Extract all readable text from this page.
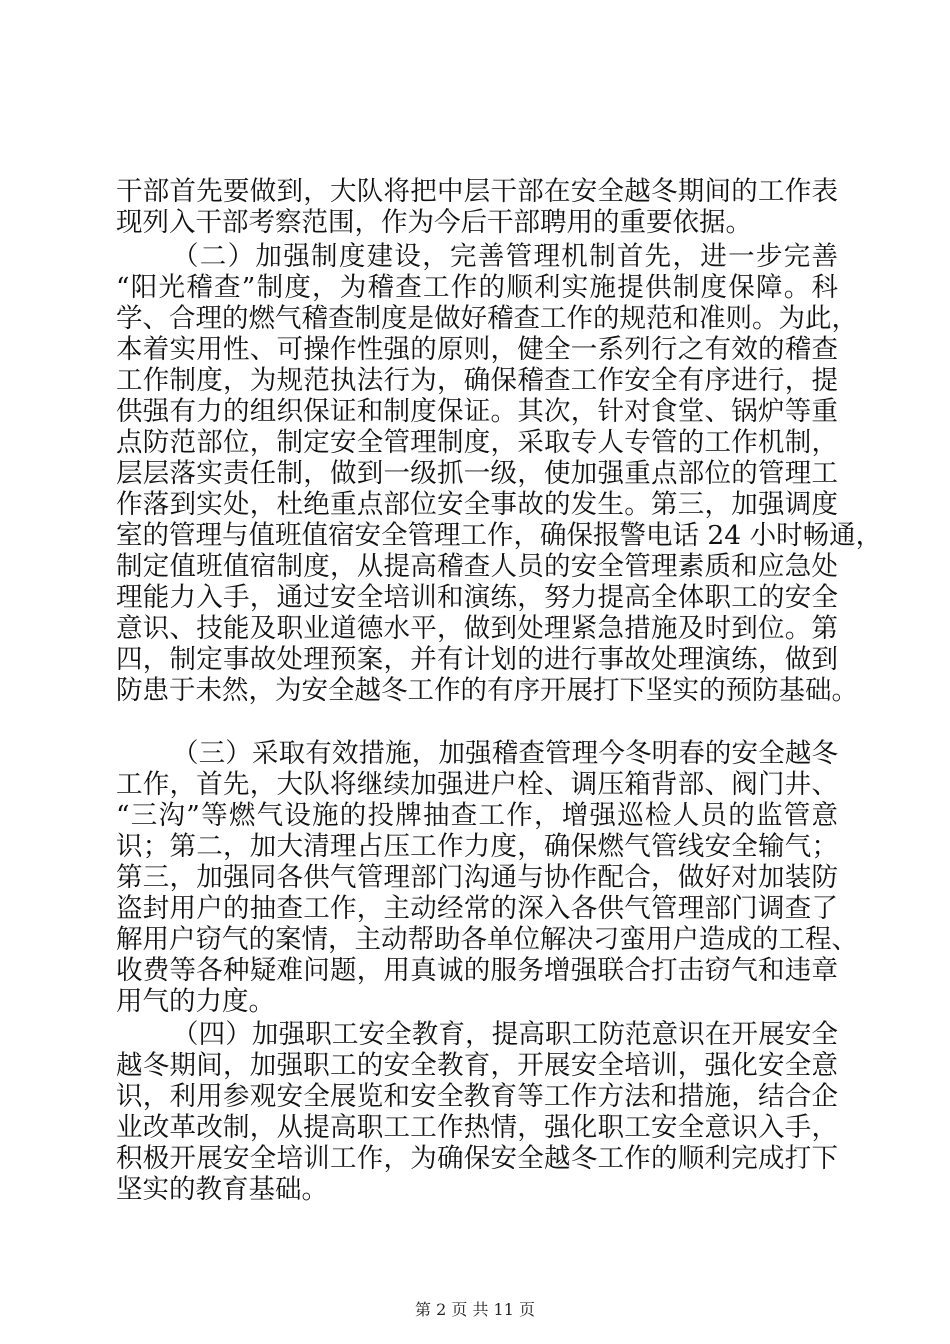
干部首先要做到，大队将把中层干部在安全越冬期间的工作表
现列入干部考察范围，作为今后干部聘用的重要依据。
（二）加强制度建设，完善管理机制首先，进一步完善
“阳光稽查”制度，为稽查工作的顺利实施提供制度保障。科
学、合理的燃气稽查制度是做好稽查工作的规范和准则。为此，
本着实用性、可操作性强的原则，健全一系列行之有效的稽查
工作制度，为规范执法行为，确保稽查工作安全有序进行，提
供强有力的组织保证和制度保证。其次，针对食堂、锅炉等重
点防范部位，制定安全管理制度，采取专人专管的工作机制，
层层落实责任制，做到一级抓一级，使加强重点部位的管理工
作落到实处，杜绝重点部位安全事故的发生。第三，加强调度
室的管理与值班值宿安全管理工作，确保报警电话 24 小时畅通，
制定值班值宿制度，从提高稽查人员的安全管理素质和应急处
理能力入手，通过安全培训和演练，努力提高全体职工的安全
意识、技能及职业道德水平，做到处理紧急措施及时到位。第
四，制定事故处理预案，并有计划的进行事故处理演练，做到
防患于未然，为安全越冬工作的有序开展打下坚实的预防基础。
（三）采取有效措施，加强稽查管理今冬明春的安全越冬
工作，首先，大队将继续加强进户栓、调压箱背部、阀门井、
“三沟”等燃气设施的投牌抽查工作，增强巡检人员的监管意
识；第二，加大清理占压工作力度，确保燃气管线安全输气；
第三，加强同各供气管理部门沟通与协作配合，做好对加装防
盗封用户的抽查工作，主动经常的深入各供气管理部门调查了
解用户窃气的案情，主动帮助各单位解决刁蛮用户造成的工程、
收费等各种疑难问题，用真诚的服务增强联合打击窃气和违章
用气的力度。
（四）加强职工安全教育，提高职工防范意识在开展安全
越冬期间，加强职工的安全教育，开展安全培训，强化安全意
识，利用参观安全展览和安全教育等工作方法和措施，结合企
业改革改制，从提高职工工作热情，强化职工安全意识入手，
积极开展安全培训工作，为确保安全越冬工作的顺利完成打下
坚实的教育基础。
第 2 页 共 11 页
